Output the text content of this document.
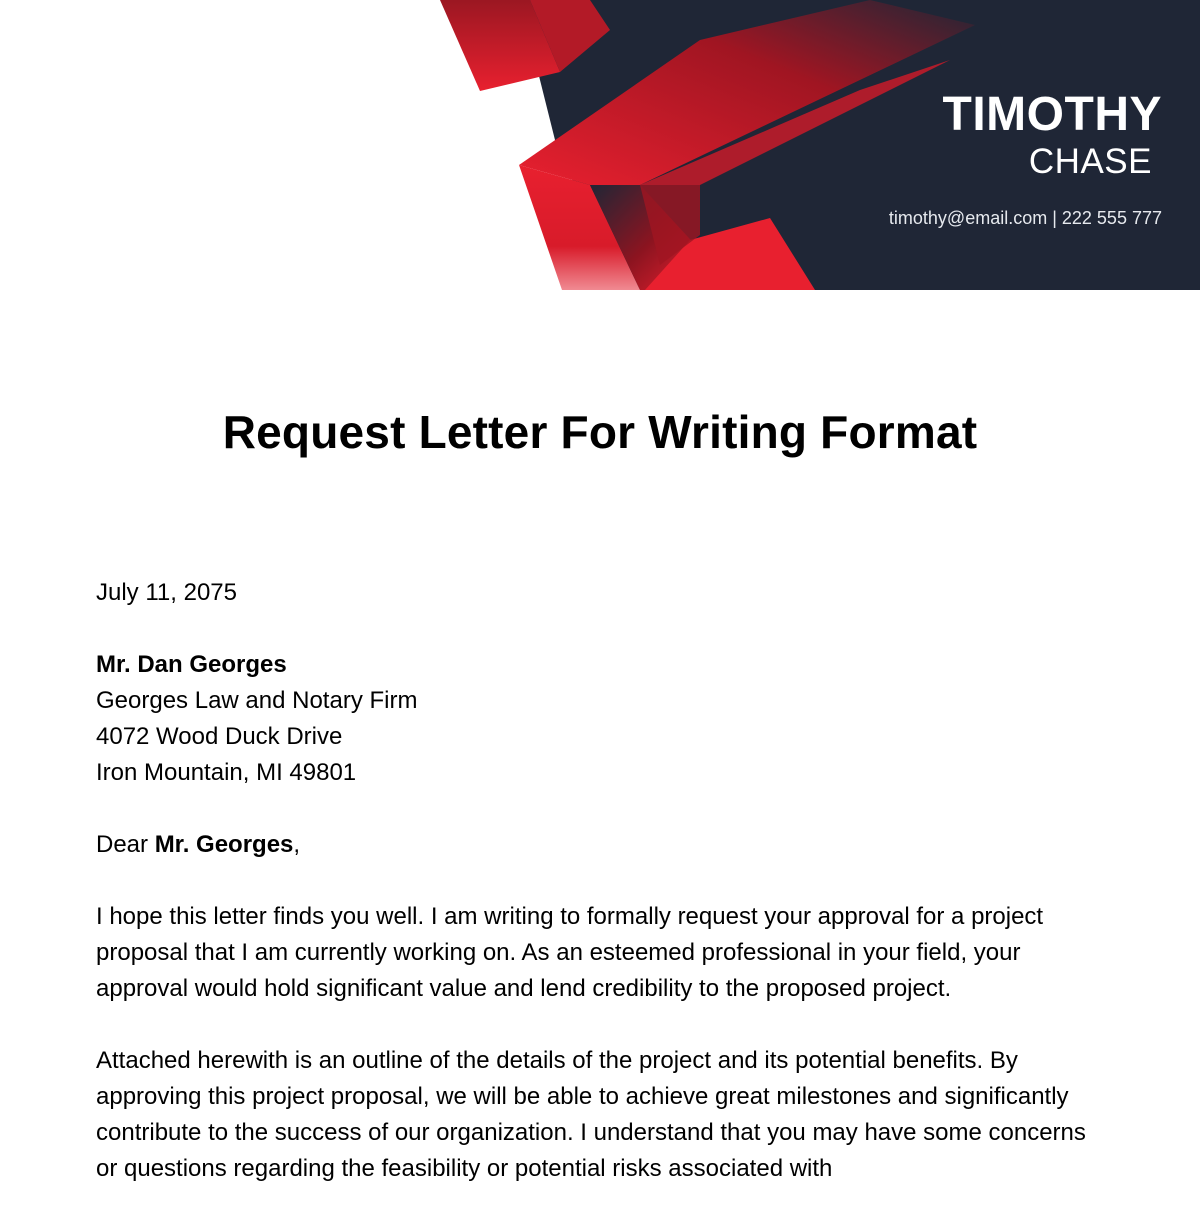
TIMOTHY
CHASE
timothy@email.com | 222 555 777
Request Letter For Writing Format

July 11, 2075

Mr. Dan Georges
Georges Law and Notary Firm
4072 Wood Duck Drive
Iron Mountain, MI 49801

Dear Mr. Georges,

I hope this letter finds you well. I am writing to formally request your approval for a project proposal that I am currently working on. As an esteemed professional in your field, your approval would hold significant value and lend credibility to the proposed project.

Attached herewith is an outline of the details of the project and its potential benefits. By approving this project proposal, we will be able to achieve great milestones and significantly contribute to the success of our organization. I understand that you may have some concerns or questions regarding the feasibility or potential risks associated with
